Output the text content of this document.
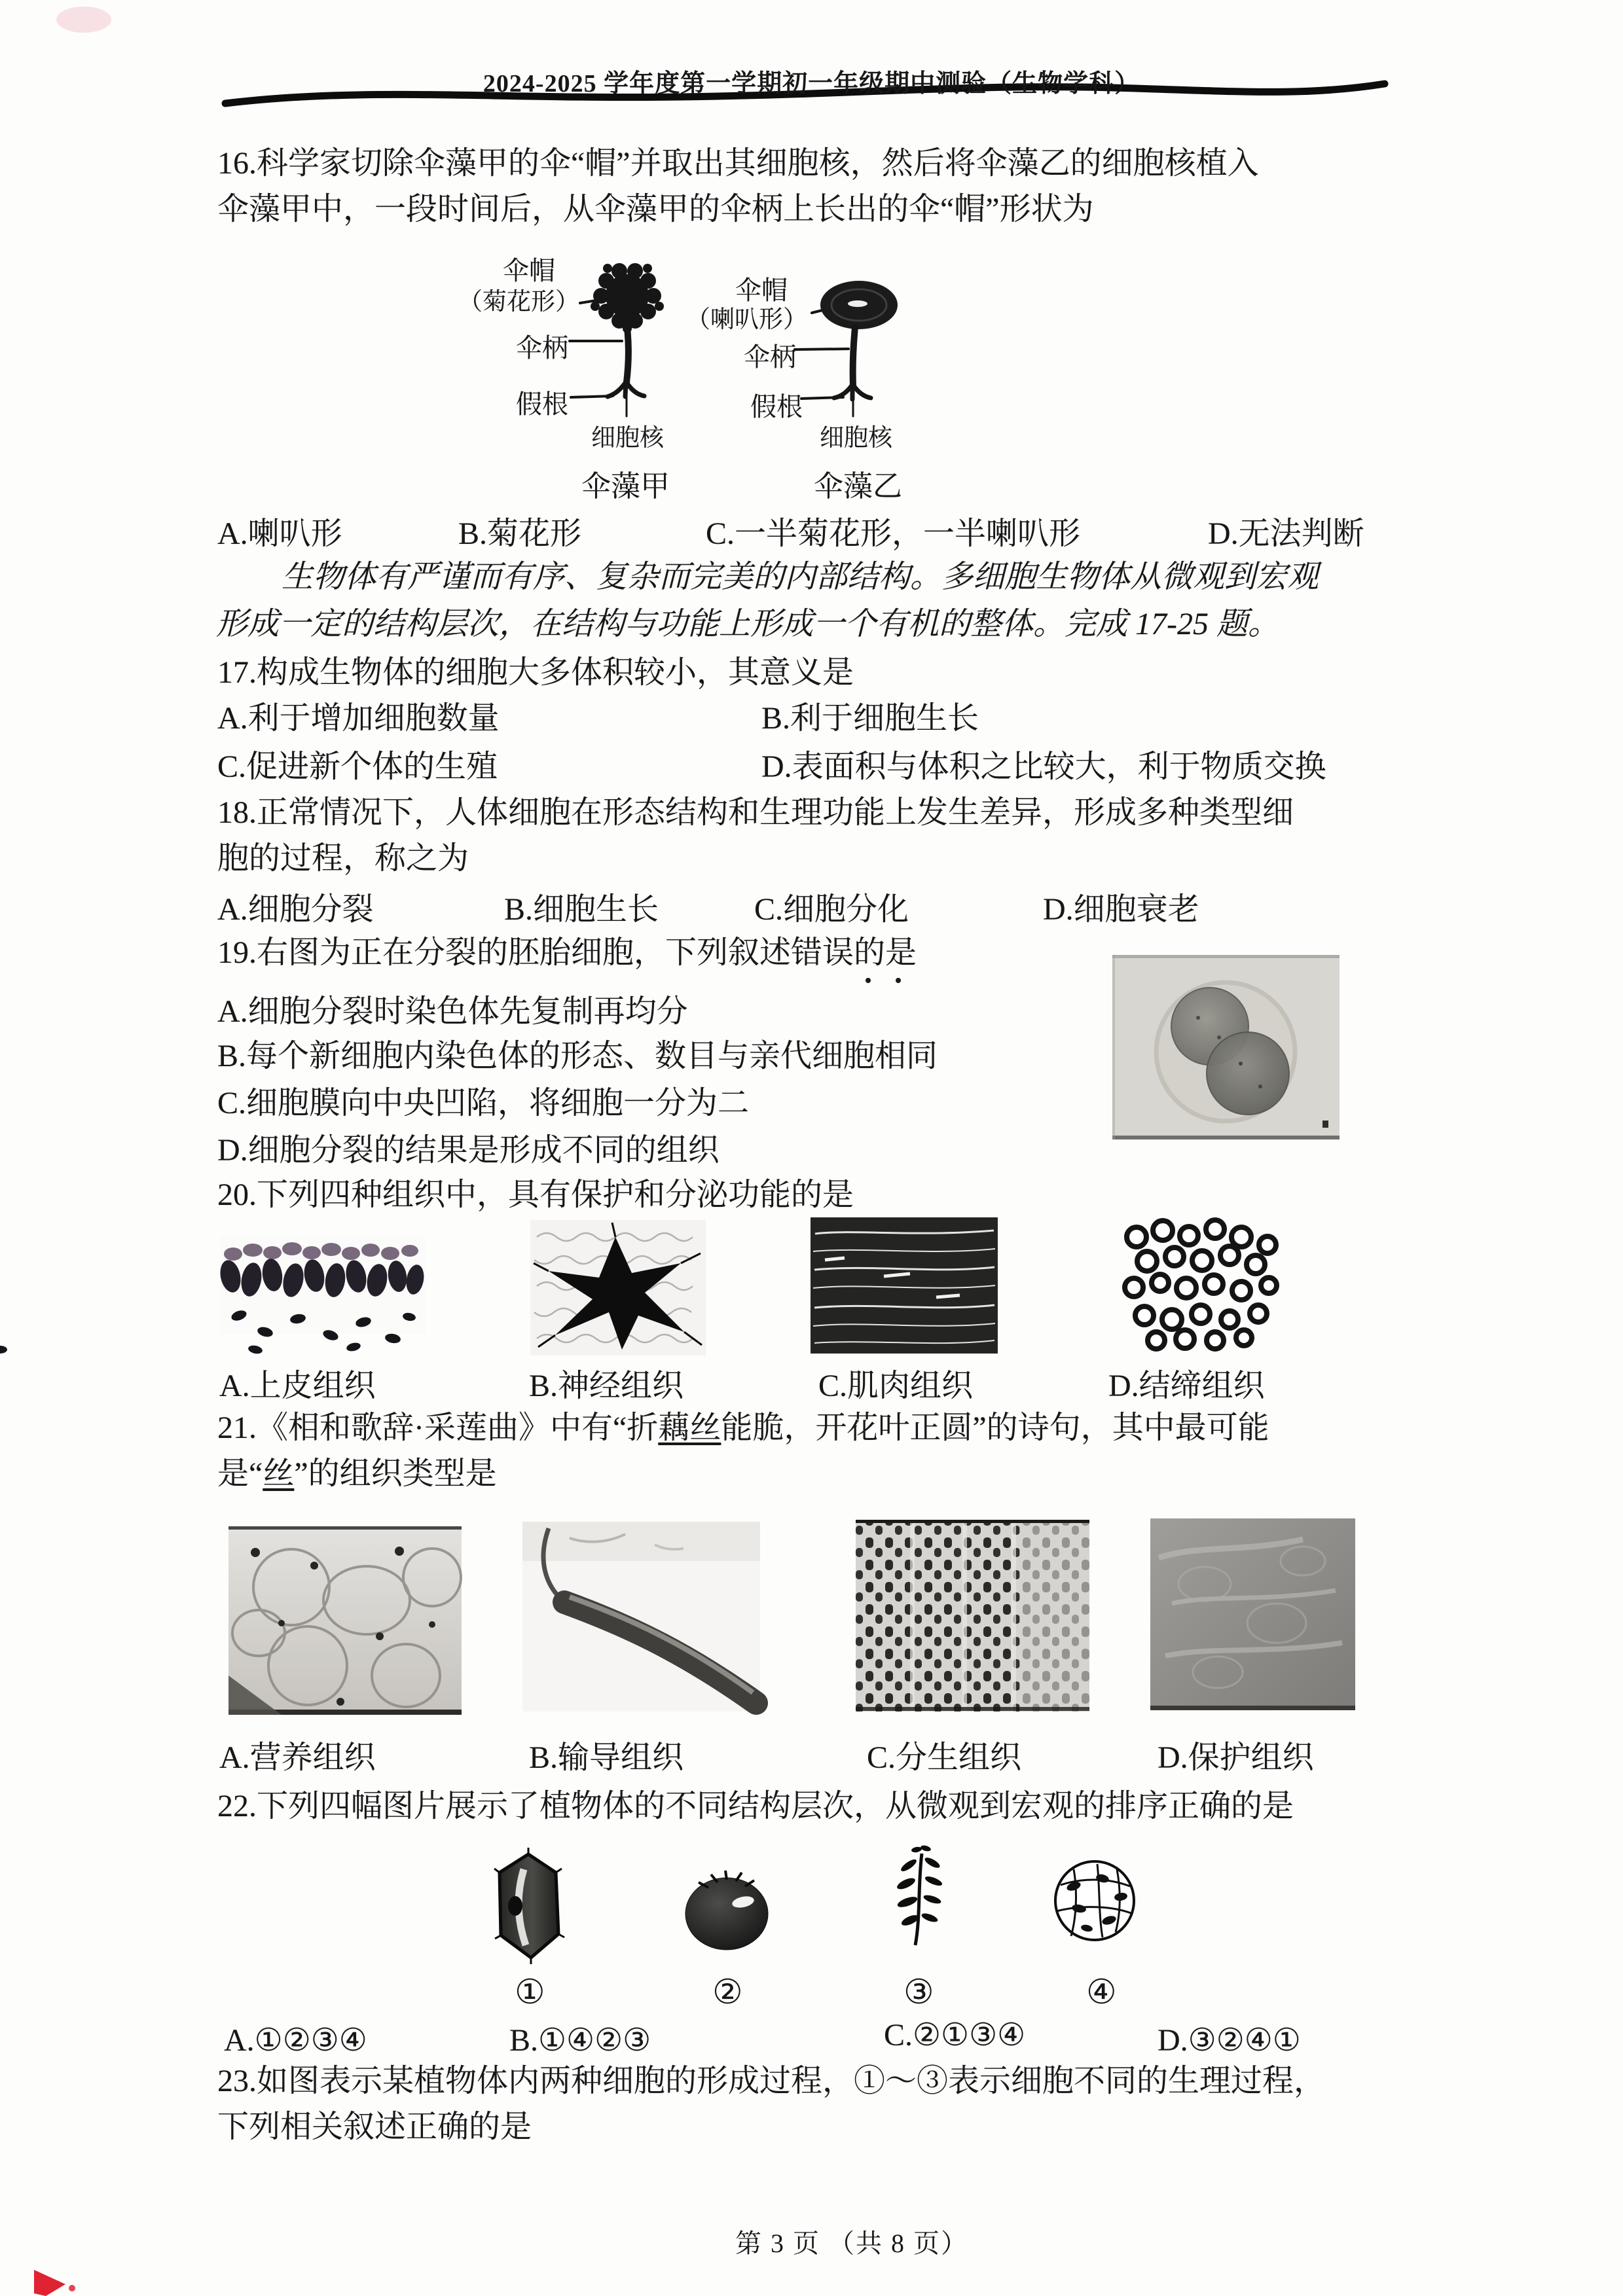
2024-2025 学年度第一学期初一年级期中测验（生物学科）
16.科学家切除伞藻甲的伞“帽”并取出其细胞核，然后将伞藻乙的细胞核植入
伞藻甲中，一段时间后，从伞藻甲的伞柄上长出的伞“帽”形状为
伞帽
（菊花形）
伞柄
假根
细胞核
伞藻甲
伞帽
（喇叭形）
伞柄
假根
细胞核
伞藻乙
A.喇叭形	B.菊花形	C.一半菊花形，一半喇叭形	D.无法判断
生物体有严谨而有序、复杂而完美的内部结构。多细胞生物体从微观到宏观
形成一定的结构层次，在结构与功能上形成一个有机的整体。完成 17-25 题。
17.构成生物体的细胞大多体积较小，其意义是
A.利于增加细胞数量	B.利于细胞生长
C.促进新个体的生殖	D.表面积与体积之比较大，利于物质交换
18.正常情况下，人体细胞在形态结构和生理功能上发生差异，形成多种类型细
胞的过程，称之为
A.细胞分裂	B.细胞生长	C.细胞分化	D.细胞衰老
19.右图为正在分裂的胚胎细胞，下列叙述错误的是
A.细胞分裂时染色体先复制再均分
B.每个新细胞内染色体的形态、数目与亲代细胞相同
C.细胞膜向中央凹陷，将细胞一分为二
D.细胞分裂的结果是形成不同的组织
20.下列四种组织中，具有保护和分泌功能的是
A.上皮组织	B.神经组织	C.肌肉组织	D.结缔组织
21.《相和歌辞·采莲曲》中有“折藕丝能脆，开花叶正圆”的诗句，其中最可能
是“丝”的组织类型是
A.营养组织	B.输导组织	C.分生组织	D.保护组织
22.下列四幅图片展示了植物体的不同结构层次，从微观到宏观的排序正确的是
①	②	③	④
A.①②③④	B.①④②③	C.②①③④	D.③②④①
23.如图表示某植物体内两种细胞的形成过程，①～③表示细胞不同的生理过程，
下列相关叙述正确的是
第 3 页 （共 8 页）
